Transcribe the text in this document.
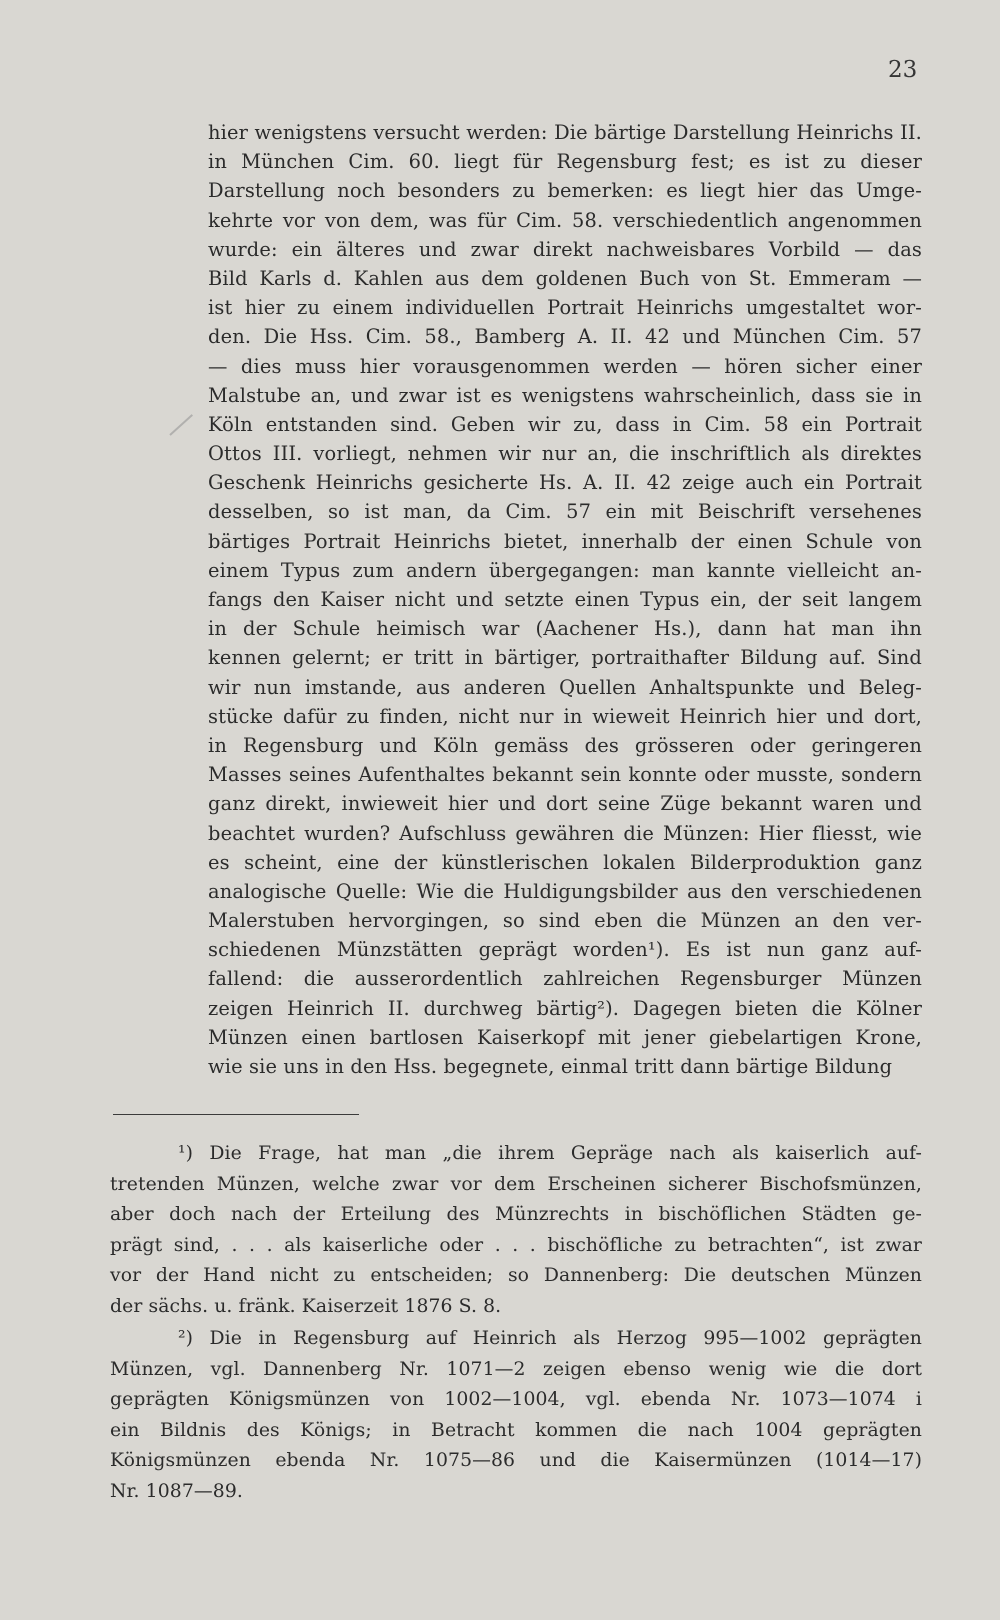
23
hier wenigstens versucht werden: Die bärtige Darstellung Heinrichs II.
in München Cim. 60. liegt für Regensburg fest; es ist zu dieser
Darstellung noch besonders zu bemerken: es liegt hier das Umge-
kehrte vor von dem, was für Cim. 58. verschiedentlich angenommen
wurde: ein älteres und zwar direkt nachweisbares Vorbild — das
Bild Karls d. Kahlen aus dem goldenen Buch von St. Emmeram —
ist hier zu einem individuellen Portrait Heinrichs umgestaltet wor-
den. Die Hss. Cim. 58., Bamberg A. II. 42 und München Cim. 57
— dies muss hier vorausgenommen werden — hören sicher einer
Malstube an, und zwar ist es wenigstens wahrscheinlich, dass sie in
Köln entstanden sind. Geben wir zu, dass in Cim. 58 ein Portrait
Ottos III. vorliegt, nehmen wir nur an, die inschriftlich als direktes
Geschenk Heinrichs gesicherte Hs. A. II. 42 zeige auch ein Portrait
desselben, so ist man, da Cim. 57 ein mit Beischrift versehenes
bärtiges Portrait Heinrichs bietet, innerhalb der einen Schule von
einem Typus zum andern übergegangen: man kannte vielleicht an-
fangs den Kaiser nicht und setzte einen Typus ein, der seit langem
in der Schule heimisch war (Aachener Hs.), dann hat man ihn
kennen gelernt; er tritt in bärtiger, portraithafter Bildung auf. Sind
wir nun imstande, aus anderen Quellen Anhaltspunkte und Beleg-
stücke dafür zu finden, nicht nur in wieweit Heinrich hier und dort,
in Regensburg und Köln gemäss des grösseren oder geringeren
Masses seines Aufenthaltes bekannt sein konnte oder musste, sondern
ganz direkt, inwieweit hier und dort seine Züge bekannt waren und
beachtet wurden? Aufschluss gewähren die Münzen: Hier fliesst, wie
es scheint, eine der künstlerischen lokalen Bilderproduktion ganz
analogische Quelle: Wie die Huldigungsbilder aus den verschiedenen
Malerstuben hervorgingen, so sind eben die Münzen an den ver-
schiedenen Münzstätten geprägt worden¹). Es ist nun ganz auf-
fallend: die ausserordentlich zahlreichen Regensburger Münzen
zeigen Heinrich II. durchweg bärtig²). Dagegen bieten die Kölner
Münzen einen bartlosen Kaiserkopf mit jener giebelartigen Krone,
wie sie uns in den Hss. begegnete, einmal tritt dann bärtige Bildung
¹) Die Frage, hat man „die ihrem Gepräge nach als kaiserlich auf-
tretenden Münzen, welche zwar vor dem Erscheinen sicherer Bischofsmünzen,
aber doch nach der Erteilung des Münzrechts in bischöflichen Städten ge-
prägt sind, . . . als kaiserliche oder . . . bischöfliche zu betrachten“, ist zwar
vor der Hand nicht zu entscheiden; so Dannenberg: Die deutschen Münzen
der sächs. u. fränk. Kaiserzeit 1876 S. 8.
²) Die in Regensburg auf Heinrich als Herzog 995—1002 geprägten
Münzen, vgl. Dannenberg Nr. 1071—2 zeigen ebenso wenig wie die dort
geprägten Königsmünzen von 1002—1004, vgl. ebenda Nr. 1073—1074 i
ein Bildnis des Königs; in Betracht kommen die nach 1004 geprägten
Königsmünzen ebenda Nr. 1075—86 und die Kaisermünzen (1014—17)
Nr. 1087—89.
